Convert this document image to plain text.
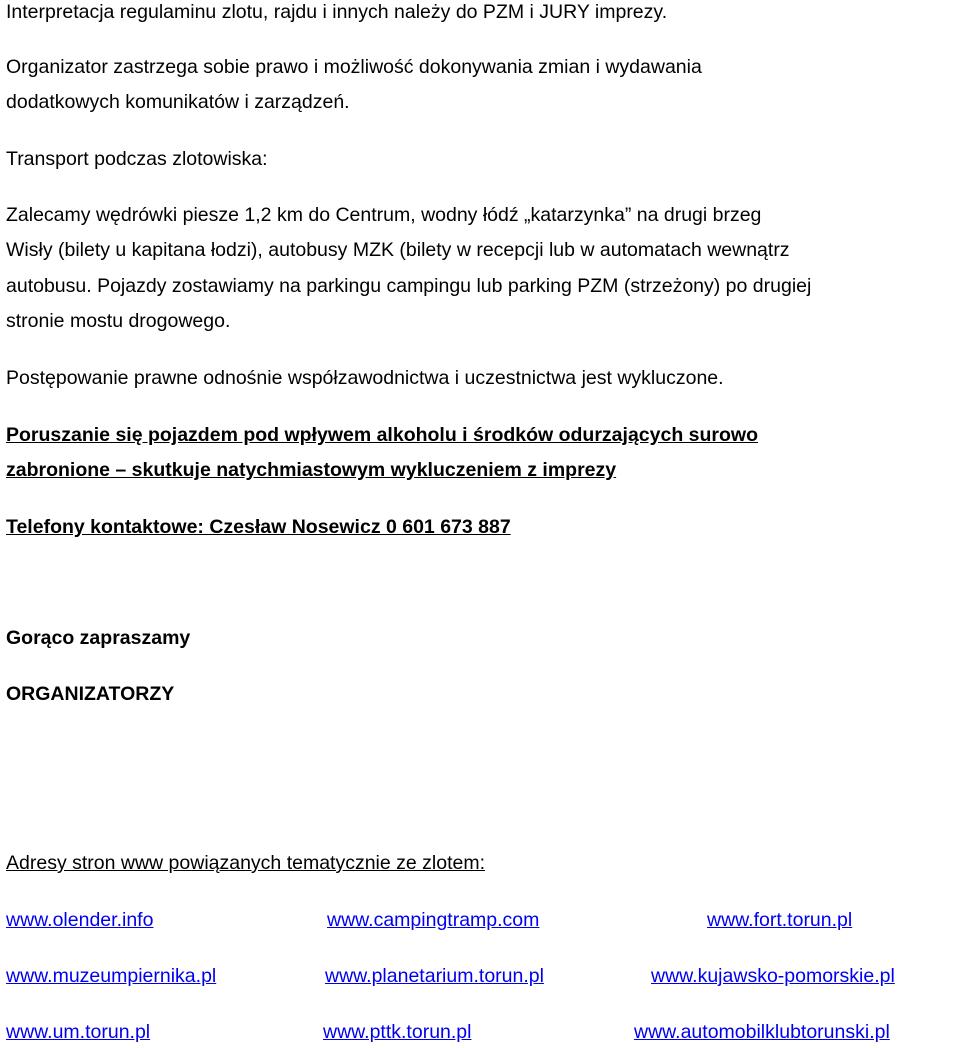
Interpretacja regulaminu zlotu, rajdu i innych należy do PZM i JURY imprezy.

Organizator zastrzega sobie prawo i możliwość dokonywania zmian i wydawania

dodatkowych komunikatów i zarządzeń.

Transport podczas zlotowiska:

Zalecamy wędrówki piesze 1,2 km do Centrum, wodny łódź „katarzynka” na drugi brzeg

Wisły (bilety u kapitana łodzi), autobusy MZK (bilety w recepcji lub w automatach wewnątrz

autobusu. Pojazdy zostawiamy na parkingu campingu lub parking PZM (strzeżony) po drugiej

stronie mostu drogowego.

Postępowanie prawne odnośnie współzawodnictwa i uczestnictwa jest wykluczone.

Poruszanie się pojazdem pod wpływem alkoholu i środków odurzających surowo

zabronione – skutkuje natychmiastowym wykluczeniem z imprezy

Telefony kontaktowe: Czesław Nosewicz 0 601 673 887

Gorąco zapraszamy

ORGANIZATORZY

Adresy stron www powiązanych tematycznie ze zlotem:

www.olender.info	www.campingtramp.com	www.fort.torun.pl
www.muzeumpiernika.pl	www.planetarium.torun.pl	www.kujawsko-pomorskie.pl
www.um.torun.pl	www.pttk.torun.pl	www.automobilklubtorunski.pl
